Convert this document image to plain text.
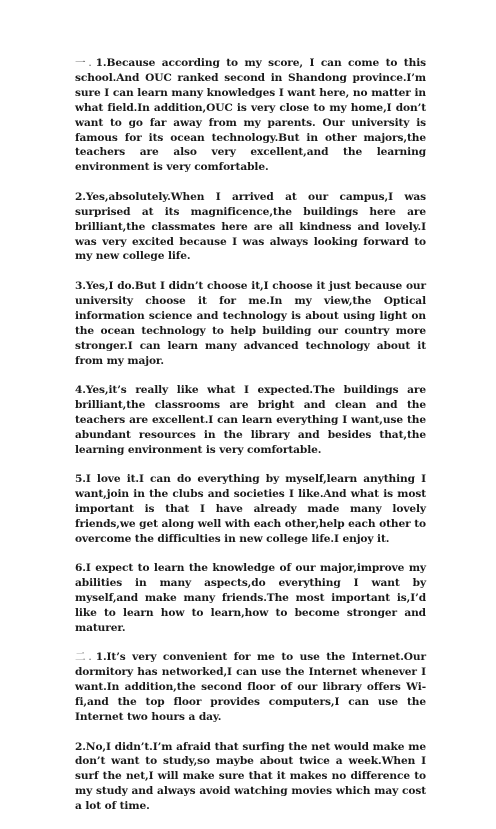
一. 1.Because according to my score, I can come to this school.And OUC ranked second in Shandong province.I’m sure I can learn many knowledges I want here, no matter in what field.In addition,OUC is very close to my home,I don’t want to go far away from my parents. Our university is famous for its ocean technology.But in other majors,the teachers are also very excellent,and the learning environment is very comfortable.

2.Yes,absolutely.When I arrived at our campus,I was surprised at its magnificence,the buildings here are brilliant,the classmates here are all kindness and lovely.I was very excited because I was always looking forward to my new college life.

3.Yes,I do.But I didn’t choose it,I choose it just because our university choose it for me.In my view,the Optical information science and technology is about using light on the ocean technology to help building our country more stronger.I can learn many advanced technology about it from my major.

4.Yes,it’s really like what I expected.The buildings are brilliant,the classrooms are bright and clean and the teachers are excellent.I can learn everything I want,use the abundant resources in the library and besides that,the learning environment is very comfortable.

5.I love it.I can do everything by myself,learn anything I want,join in the clubs and societies I like.And what is most important is that I have already made many lovely friends,we get along well with each other,help each other to overcome the difficulties in new college life.I enjoy it.

6.I expect to learn the knowledge of our major,improve my abilities in many aspects,do everything I want by myself,and make many friends.The most important is,I’d like to learn how to learn,how to become stronger and maturer.

二. 1.It’s very convenient for me to use the Internet.Our dormitory has networked,I can use the Internet whenever I want.In addition,the second floor of our library offers Wi-fi,and the top floor provides computers,I can use the Internet two hours a day.

2.No,I didn’t.I’m afraid that surfing the net would make me don’t want to study,so maybe about twice a week.When I surf the net,I will make sure that it makes no difference to my study and always avoid watching movies which may cost a lot of time.
